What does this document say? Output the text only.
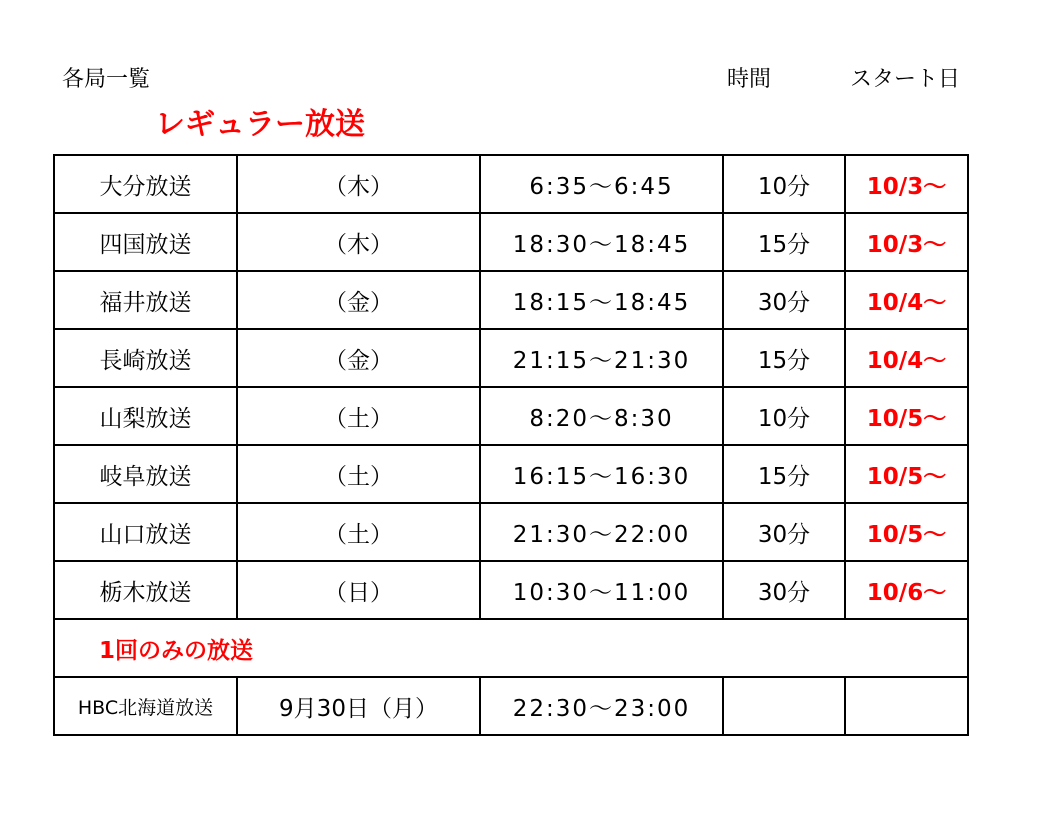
各局一覧	時間	スタート日
レギュラー放送
大分放送	（木）	6:35〜6:45	10分	10/3〜
四国放送	（木）	18:30〜18:45	15分	10/3〜
福井放送	（金）	18:15〜18:45	30分	10/4〜
長崎放送	（金）	21:15〜21:30	15分	10/4〜
山梨放送	（土）	8:20〜8:30	10分	10/5〜
岐阜放送	（土）	16:15〜16:30	15分	10/5〜
山口放送	（土）	21:30〜22:00	30分	10/5〜
栃木放送	（日）	10:30〜11:00	30分	10/6〜
1回のみの放送				
HBC北海道放送	9月30日（月）	22:30〜23:00		
